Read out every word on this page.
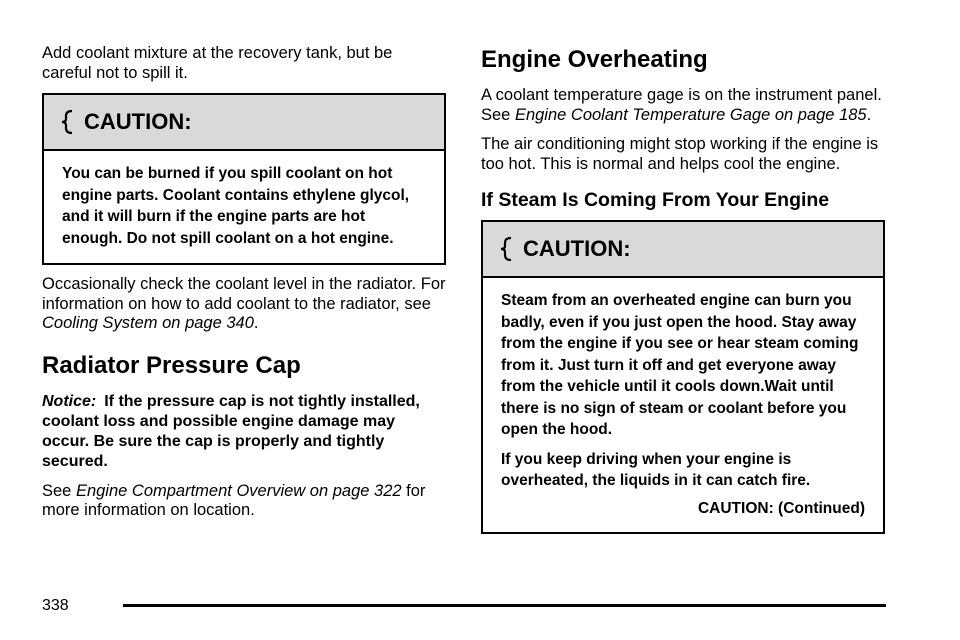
Add coolant mixture at the recovery tank, but be careful not to spill it.

CAUTION:

You can be burned if you spill coolant on hot engine parts. Coolant contains ethylene glycol, and it will burn if the engine parts are hot enough. Do not spill coolant on a hot engine.

Occasionally check the coolant level in the radiator. For information on how to add coolant to the radiator, see Cooling System on page 340.

Radiator Pressure Cap

Notice: If the pressure cap is not tightly installed, coolant loss and possible engine damage may occur. Be sure the cap is properly and tightly secured.

See Engine Compartment Overview on page 322 for more information on location.

Engine Overheating

A coolant temperature gage is on the instrument panel. See Engine Coolant Temperature Gage on page 185.

The air conditioning might stop working if the engine is too hot. This is normal and helps cool the engine.

If Steam Is Coming From Your Engine
CAUTION:

Steam from an overheated engine can burn you badly, even if you just open the hood. Stay away from the engine if you see or hear steam coming from it. Just turn it off and get everyone away from the vehicle until it cools down.Wait until there is no sign of steam or coolant before you open the hood.

If you keep driving when your engine is overheated, the liquids in it can catch fire.

CAUTION: (Continued)
338
